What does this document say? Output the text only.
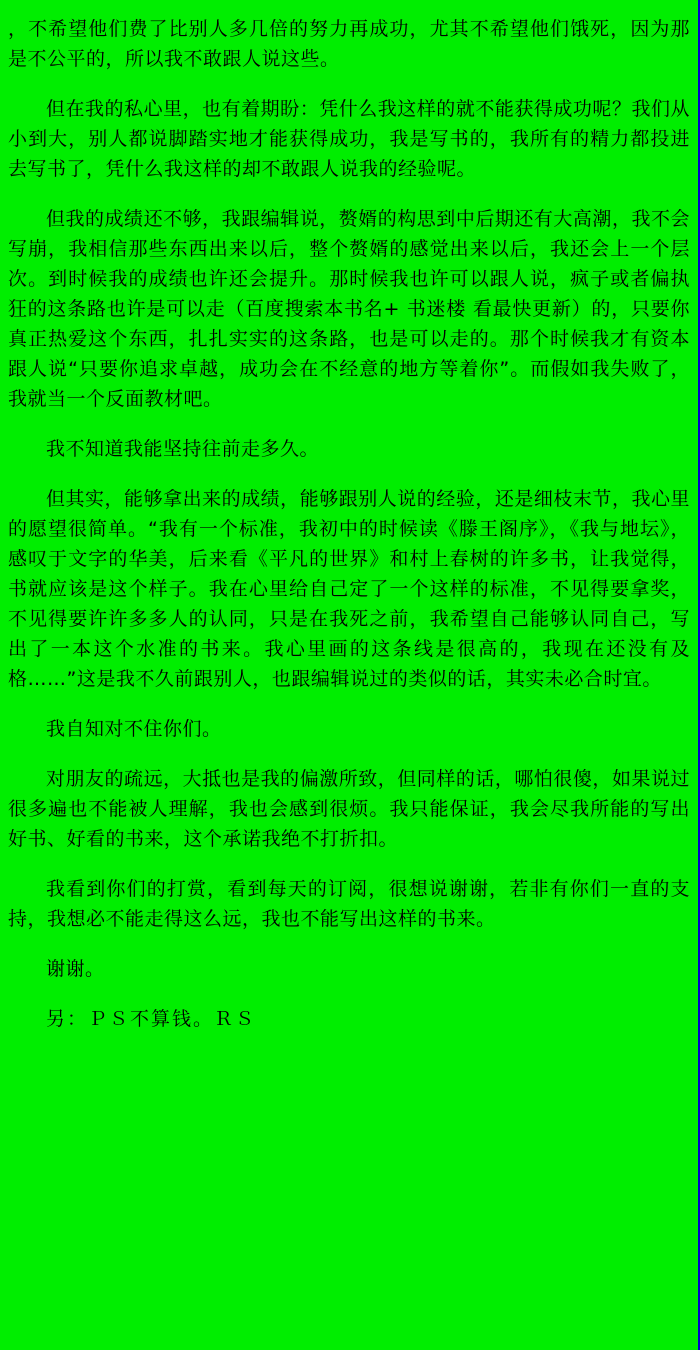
，不希望他们费了比别人多几倍的努力再成功，尤其不希望他们饿死，因为那是不公平的，所以我不敢跟人说这些。

但在我的私心里，也有着期盼：凭什么我这样的就不能获得成功呢？我们从小到大，别人都说脚踏实地才能获得成功，我是写书的，我所有的精力都投进去写书了，凭什么我这样的却不敢跟人说我的经验呢。

但我的成绩还不够，我跟编辑说，赘婿的构思到中后期还有大高潮，我不会写崩，我相信那些东西出来以后，整个赘婿的感觉出来以后，我还会上一个层次。到时候我的成绩也许还会提升。那时候我也许可以跟人说，疯子或者偏执狂的这条路也许是可以走（百度搜索本书名+ 书迷楼 看最快更新）的，只要你真正热爱这个东西，扎扎实实的这条路，也是可以走的。那个时候我才有资本跟人说“只要你追求卓越，成功会在不经意的地方等着你”。而假如我失败了，我就当一个反面教材吧。

我不知道我能坚持往前走多久。

但其实，能够拿出来的成绩，能够跟别人说的经验，还是细枝末节，我心里的愿望很简单。“我有一个标准，我初中的时候读《滕王阁序》，《我与地坛》，感叹于文字的华美，后来看《平凡的世界》和村上春树的许多书，让我觉得，书就应该是这个样子。我在心里给自己定了一个这样的标准，不见得要拿奖，不见得要许许多多人的认同，只是在我死之前，我希望自己能够认同自己，写出了一本这个水准的书来。我心里画的这条线是很高的，我现在还没有及格……”这是我不久前跟别人，也跟编辑说过的类似的话，其实未必合时宜。

我自知对不住你们。

对朋友的疏远，大抵也是我的偏激所致，但同样的话，哪怕很傻，如果说过很多遍也不能被人理解，我也会感到很烦。我只能保证，我会尽我所能的写出好书、好看的书来，这个承诺我绝不打折扣。

我看到你们的打赏，看到每天的订阅，很想说谢谢，若非有你们一直的支持，我想必不能走得这么远，我也不能写出这样的书来。

谢谢。

另：ＰＳ不算钱。ＲＳ
